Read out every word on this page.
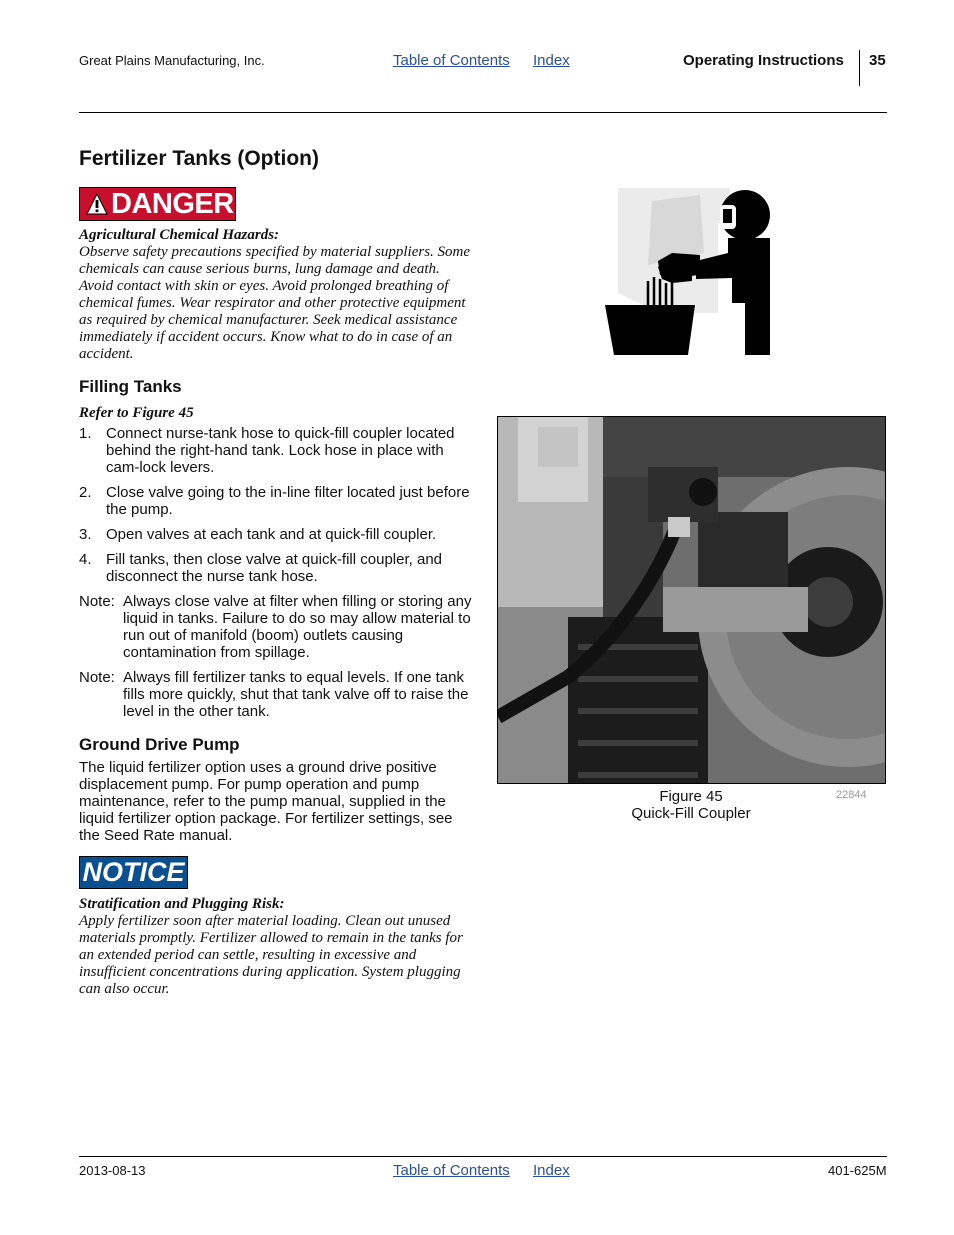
Great Plains Manufacturing, Inc.	Table of Contents Index	Operating Instructions 35
Fertilizer Tanks (Option)
DANGER
Agricultural Chemical Hazards:
Observe safety precautions specified by material suppliers. Some chemicals can cause serious burns, lung damage and death. Avoid contact with skin or eyes. Avoid prolonged breathing of chemical fumes. Wear respirator and other protective equipment as required by chemical manufacturer. Seek medical assistance immediately if accident occurs. Know what to do in case of an accident.
Filling Tanks
Refer to Figure 45
1. Connect nurse-tank hose to quick-fill coupler located behind the right-hand tank. Lock hose in place with cam-lock levers.
2. Close valve going to the in-line filter located just before the pump.
3. Open valves at each tank and at quick-fill coupler.
4. Fill tanks, then close valve at quick-fill coupler, and disconnect the nurse tank hose.
Note: Always close valve at filter when filling or storing any liquid in tanks. Failure to do so may allow material to run out of manifold (boom) outlets causing contamination from spillage.
Note: Always fill fertilizer tanks to equal levels. If one tank fills more quickly, shut that tank valve off to raise the level in the other tank.
Ground Drive Pump
The liquid fertilizer option uses a ground drive positive displacement pump. For pump operation and pump maintenance, refer to the pump manual, supplied in the liquid fertilizer option package. For fertilizer settings, see the Seed Rate manual.
NOTICE
Stratification and Plugging Risk:
Apply fertilizer soon after material loading. Clean out unused materials promptly. Fertilizer allowed to remain in the tanks for an extended period can settle, resulting in excessive and insufficient concentrations during application. System plugging can also occur.
Figure 45
Quick-Fill Coupler
22844
2013-08-13	Table of Contents Index	401-625M
